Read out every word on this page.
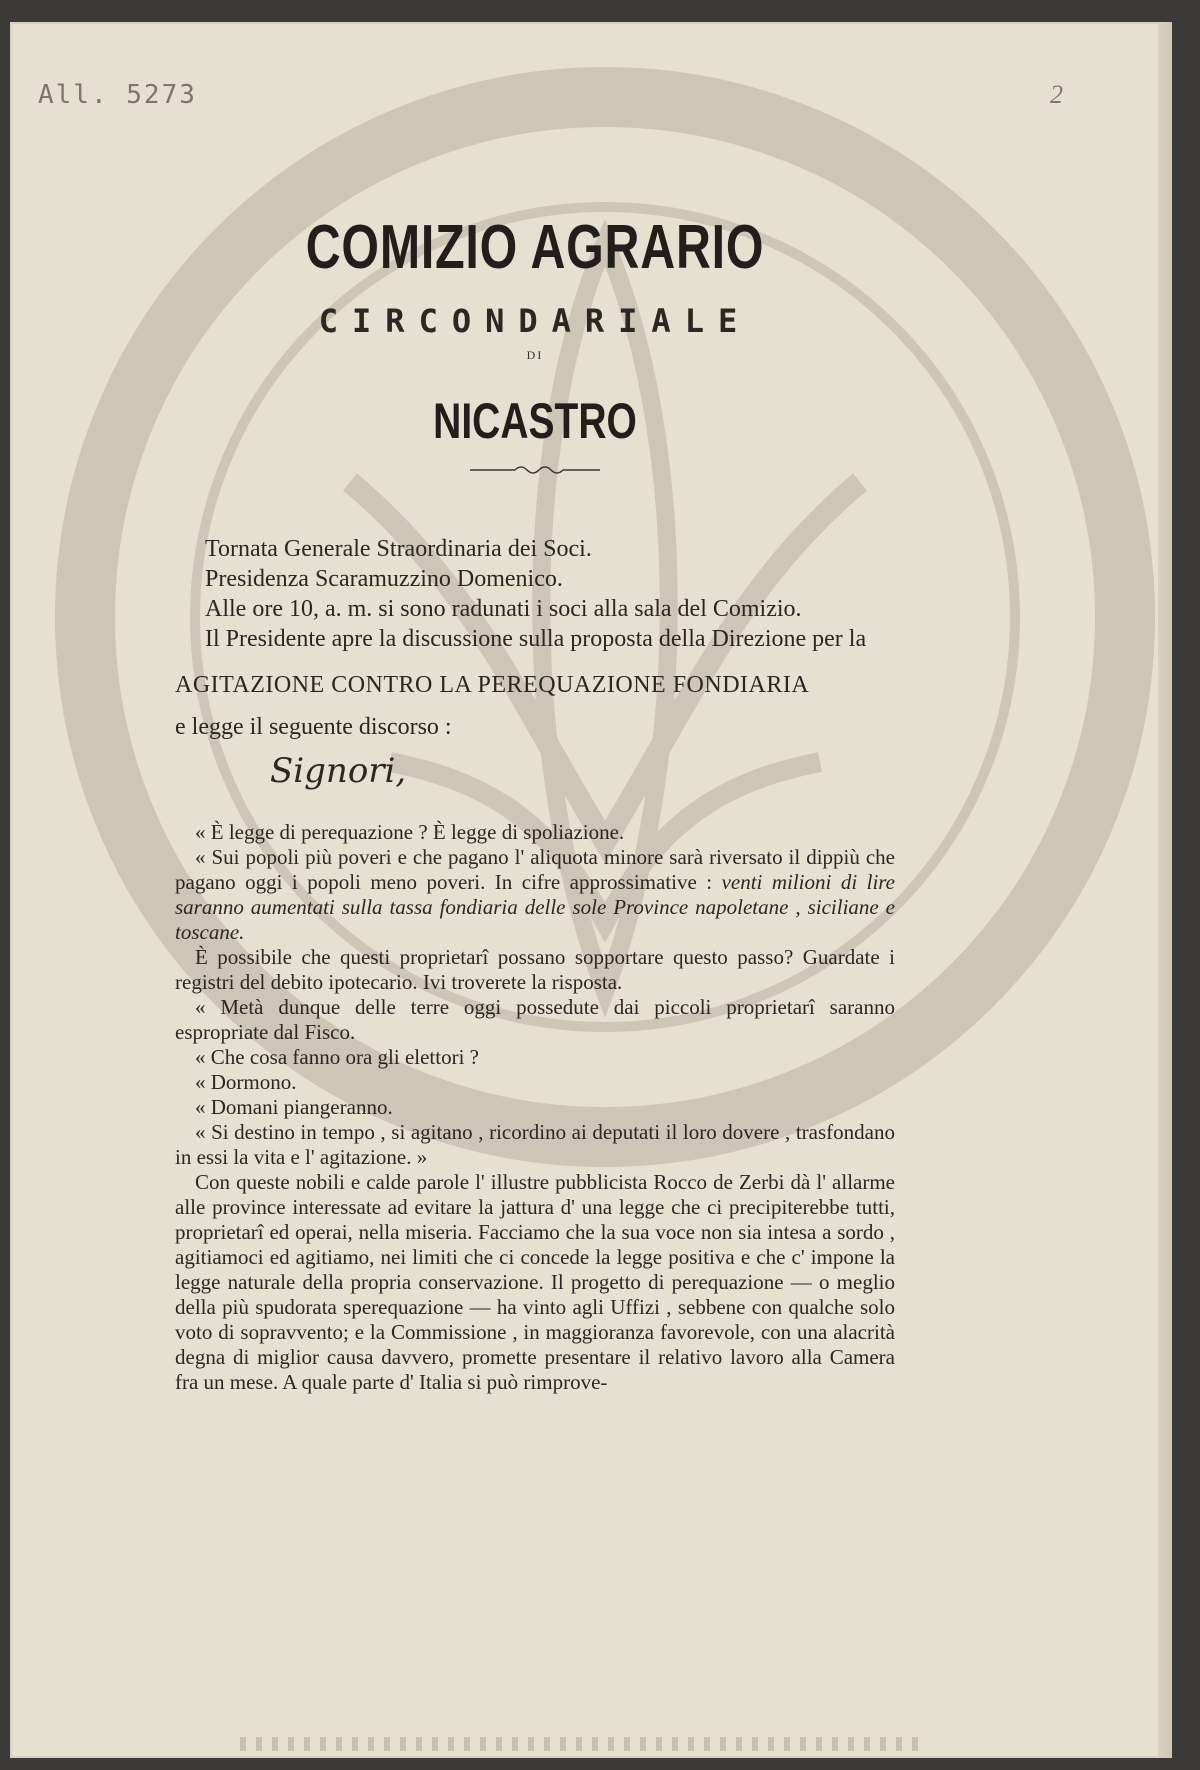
All. 5273	2
COMIZIO AGRARIO
CIRCONDARIALE
DI
NICASTRO

Tornata Generale Straordinaria dei Soci.

Presidenza Scaramuzzino Domenico.

Alle ore 10, a. m. si sono radunati i soci alla sala del Comizio.

Il Presidente apre la discussione sulla proposta della Direzione per la

AGITAZIONE CONTRO LA PEREQUAZIONE FONDIARIA

e legge il seguente discorso :

Signori,

« È legge di perequazione ? È legge di spoliazione.

« Sui popoli più poveri e che pagano l' aliquota minore sarà riversato il dippiù che pagano oggi i popoli meno poveri. In cifre approssimative : venti milioni di lire saranno aumentati sulla tassa fondiaria delle sole Province napoletane , siciliane e toscane.

È possibile che questi proprietarî possano sopportare questo passo? Guardate i registri del debito ipotecario. Ivi troverete la risposta.

« Metà dunque delle terre oggi possedute dai piccoli proprietarî saranno espropriate dal Fisco.

« Che cosa fanno ora gli elettori ?

« Dormono.

« Domani piangeranno.

« Si destino in tempo , si agitano , ricordino ai deputati il loro dovere , trasfondano in essi la vita e l' agitazione. »

Con queste nobili e calde parole l' illustre pubblicista Rocco de Zerbi dà l' allarme alle province interessate ad evitare la jattura d' una legge che ci precipiterebbe tutti, proprietarî ed operai, nella miseria. Facciamo che la sua voce non sia intesa a sordo , agitiamoci ed agitiamo, nei limiti che ci concede la legge positiva e che c' impone la legge naturale della propria conservazione. Il progetto di perequazione — o meglio della più spudorata sperequazione — ha vinto agli Uffizi , sebbene con qualche solo voto di sopravvento; e la Commissione , in maggioranza favorevole, con una alacrità degna di miglior causa davvero, promette presentare il relativo lavoro alla Camera fra un mese. A quale parte d' Italia si può rimprove-
